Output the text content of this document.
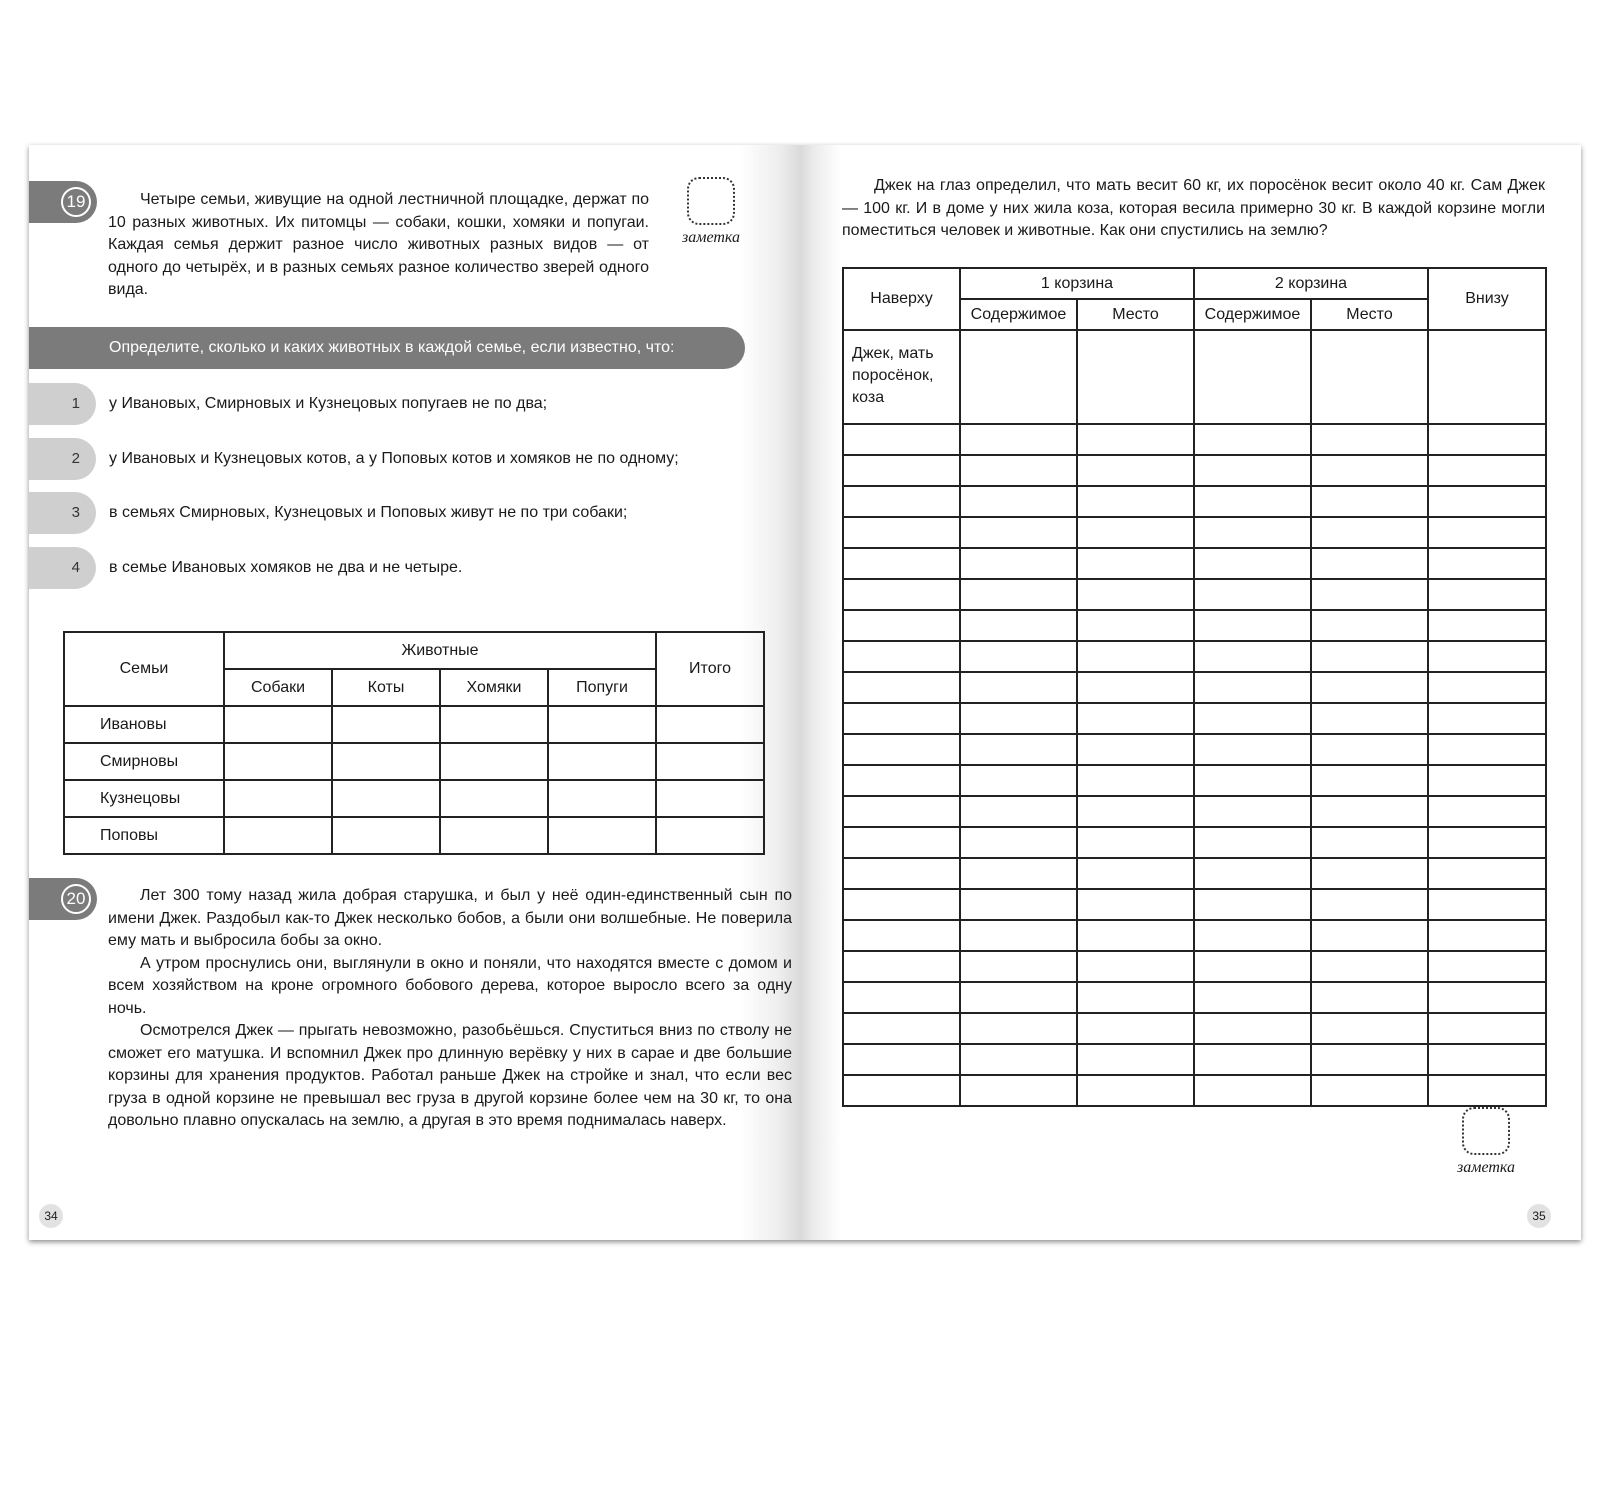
19	Четыре семьи, живущие на одной лестничной площадке, держат по 10 разных животных. Их питомцы — собаки, кошки, хомяки и попугаи. Каждая семья держит разное число животных разных видов — от одного до четырёх, и в разных семьях разное количество зверей одного вида.

заметка
Определите, сколько и каких животных в каждой семье, если известно, что:
1	у Ивановых, Смирновых и Кузнецовых попугаев не по два;
2	у Ивановых и Кузнецовых котов, а у Поповых котов и хомяков не по одному;
3	в семьях Смирновых, Кузнецовых и Поповых живут не по три собаки;
4	в семье Ивановых хомяков не два и не четыре.
Семьи	Животные				Итого
	Собаки	Коты	Хомяки	Попуги	
Ивановы					
Смирновы					
Кузнецовы					
Поповы					
20	Лет 300 тому назад жила добрая старушка, и был у неё один-единственный сын по имени Джек. Раздобыл как-то Джек несколько бобов, а были они волшебные. Не поверила ему мать и выбросила бобы за окно.

А утром проснулись они, выглянули в окно и поняли, что находятся вместе с домом и всем хозяйством на кроне огромного бобового дерева, которое выросло всего за одну ночь.

Осмотрелся Джек — прыгать невозможно, разобьёшься. Спуститься вниз по стволу не сможет его матушка. И вспомнил Джек про длинную верёвку у них в сарае и две большие корзины для хранения продуктов. Работал раньше Джек на стройке и знал, что если вес груза в одной корзине не превышал вес груза в другой корзине более чем на 30 кг, то она довольно плавно опускалась на землю, а другая в это время поднималась наверх.

34

Джек на глаз определил, что мать весит 60 кг, их поросёнок весит около 40 кг. Сам Джек — 100 кг. И в доме у них жила коза, которая весила примерно 30 кг. В каждой корзине могли поместиться человек и животные. Как они спустились на землю?

Наверху	1 корзина		2 корзина		Внизу
	Содержимое	Место	Содержимое	Место	
Джек, мать поросёнок, коза					

заметка
35
